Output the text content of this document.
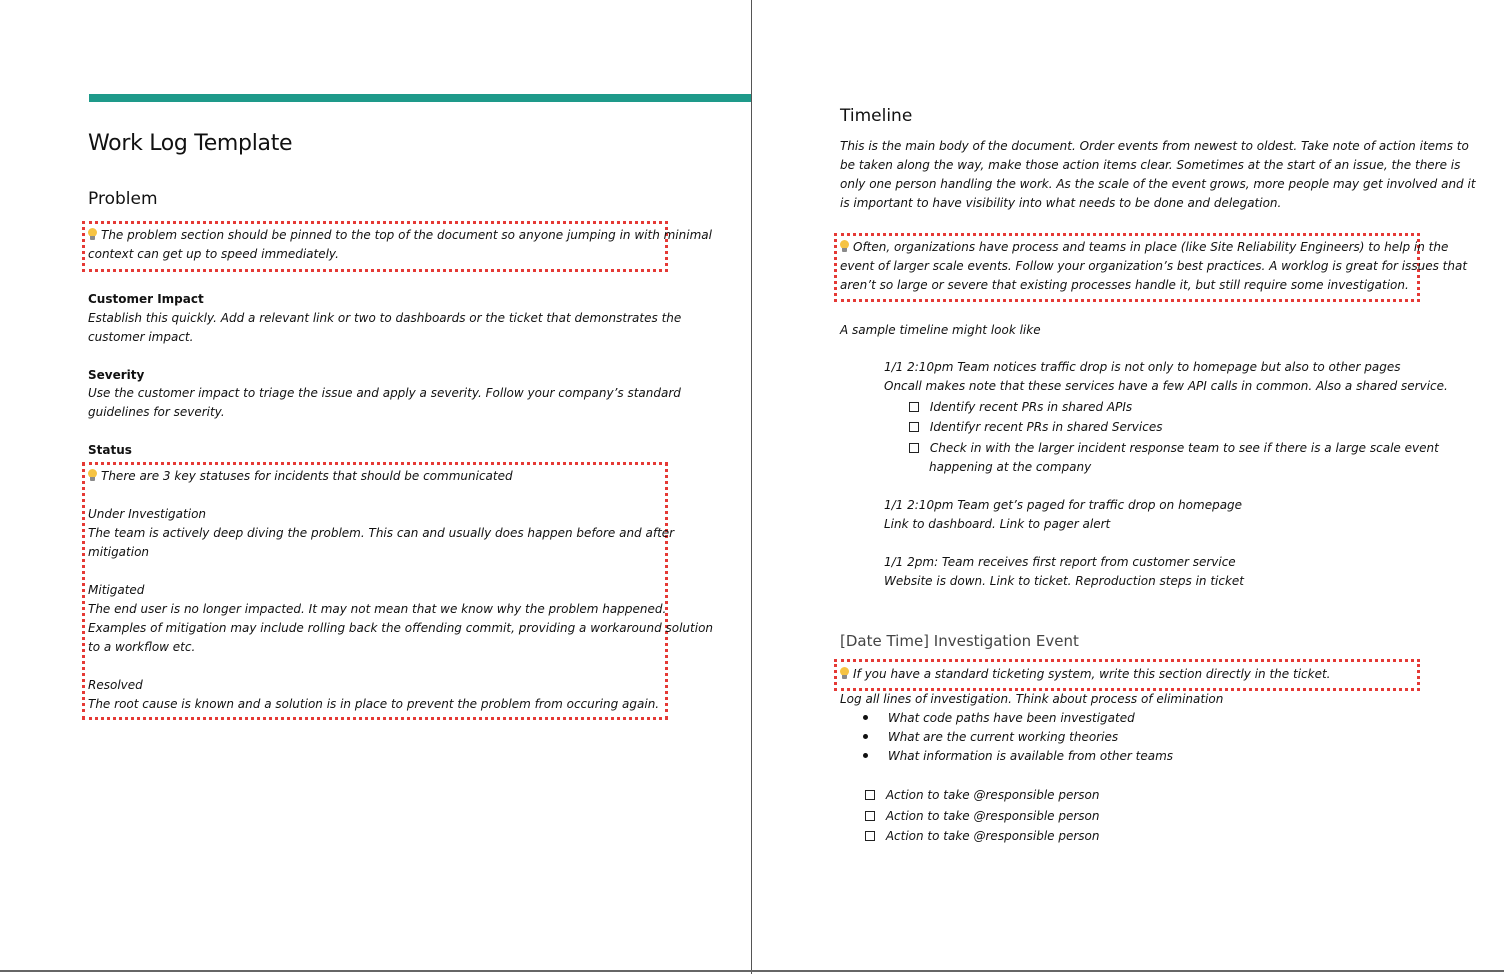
Work Log Template
Problem
The problem section should be pinned to the top of the document so anyone jumping in with minimal
context can get up to speed immediately.
Customer Impact
Establish this quickly. Add a relevant link or two to dashboards or the ticket that demonstrates the
customer impact.
Severity
Use the customer impact to triage the issue and apply a severity. Follow your company’s standard
guidelines for severity.
Status
There are 3 key statuses for incidents that should be communicated
Under Investigation
The team is actively deep diving the problem. This can and usually does happen before and after
mitigation
Mitigated
The end user is no longer impacted. It may not mean that we know why the problem happened.
Examples of mitigation may include rolling back the offending commit, providing a workaround solution
to a workflow etc.
Resolved
The root cause is known and a solution is in place to prevent the problem from occuring again.
Timeline
This is the main body of the document. Order events from newest to oldest. Take note of action items to
be taken along the way, make those action items clear. Sometimes at the start of an issue, the there is
only one person handling the work. As the scale of the event grows, more people may get involved and it
is important to have visibility into what needs to be done and delegation.
Often, organizations have process and teams in place (like Site Reliability Engineers) to help in the
event of larger scale events. Follow your organization’s best practices. A worklog is great for issues that
aren’t so large or severe that existing processes handle it, but still require some investigation.
A sample timeline might look like
1/1 2:10pm Team notices traffic drop is not only to homepage but also to other pages
Oncall makes note that these services have a few API calls in common. Also a shared service.
Identify recent PRs in shared APIs
Identifyr recent PRs in shared Services
Check in with the larger incident response team to see if there is a large scale event
happening at the company
1/1 2:10pm Team get’s paged for traffic drop on homepage
Link to dashboard. Link to pager alert
1/1 2pm: Team receives first report from customer service
Website is down. Link to ticket. Reproduction steps in ticket
[Date Time] Investigation Event
If you have a standard ticketing system, write this section directly in the ticket.
Log all lines of investigation. Think about process of elimination
What code paths have been investigated
What are the current working theories
What information is available from other teams
Action to take @responsible person
Action to take @responsible person
Action to take @responsible person
